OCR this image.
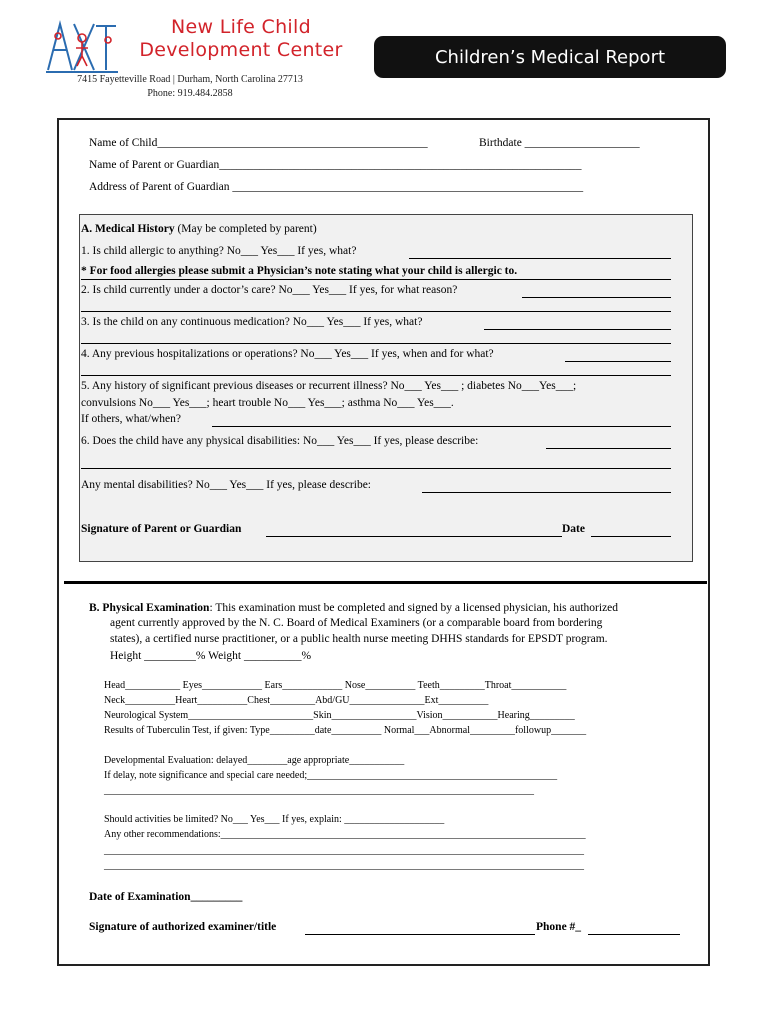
New Life Child
Development Center
7415 Fayetteville Road | Durham, North Carolina 27713
Phone: 919.484.2858
Children’s Medical Report
Name of Child_______________________________________________	Birthdate ____________________
Name of Parent or Guardian_______________________________________________________________
Address of Parent of Guardian _____________________________________________________________
A. Medical History (May be completed by parent)
1. Is child allergic to anything? No___ Yes___ If yes, what?
* For food allergies please submit a Physician’s note stating what your child is allergic to.
2. Is child currently under a doctor’s care? No___ Yes___ If yes, for what reason?
3. Is the child on any continuous medication? No___ Yes___ If yes, what?
4. Any previous hospitalizations or operations? No___ Yes___ If yes, when and for what?
5. Any history of significant previous diseases or recurrent illness? No___ Yes___ ; diabetes No___Yes___;
convulsions No___ Yes___; heart trouble No___ Yes___; asthma No___ Yes___.
If others, what/when?
6. Does the child have any physical disabilities: No___ Yes___ If yes, please describe:
Any mental disabilities? No___ Yes___ If yes, please describe:
Signature of Parent or Guardian	Date
B. Physical Examination: This examination must be completed and signed by a licensed physician, his authorized
agent currently approved by the N. C. Board of Medical Examiners (or a comparable board from bordering
states), a certified nurse practitioner, or a public health nurse meeting DHHS standards for EPSDT program.
Height _________% Weight __________%
Head___________ Eyes____________ Ears____________ Nose__________ Teeth_________Throat___________
Neck__________Heart__________Chest_________Abd/GU_______________Ext__________
Neurological System_________________________Skin_________________Vision___________Hearing_________
Results of Tuberculin Test, if given: Type_________date__________ Normal___Abnormal_________followup_______
Developmental Evaluation: delayed________age appropriate___________
If delay, note significance and special care needed;__________________________________________________
______________________________________________________________________________________
Should activities be limited? No___ Yes___ If yes, explain: ____________________
Any other recommendations:_________________________________________________________________________
________________________________________________________________________________________________
________________________________________________________________________________________________
Date of Examination_________
Signature of authorized examiner/title	Phone #_
